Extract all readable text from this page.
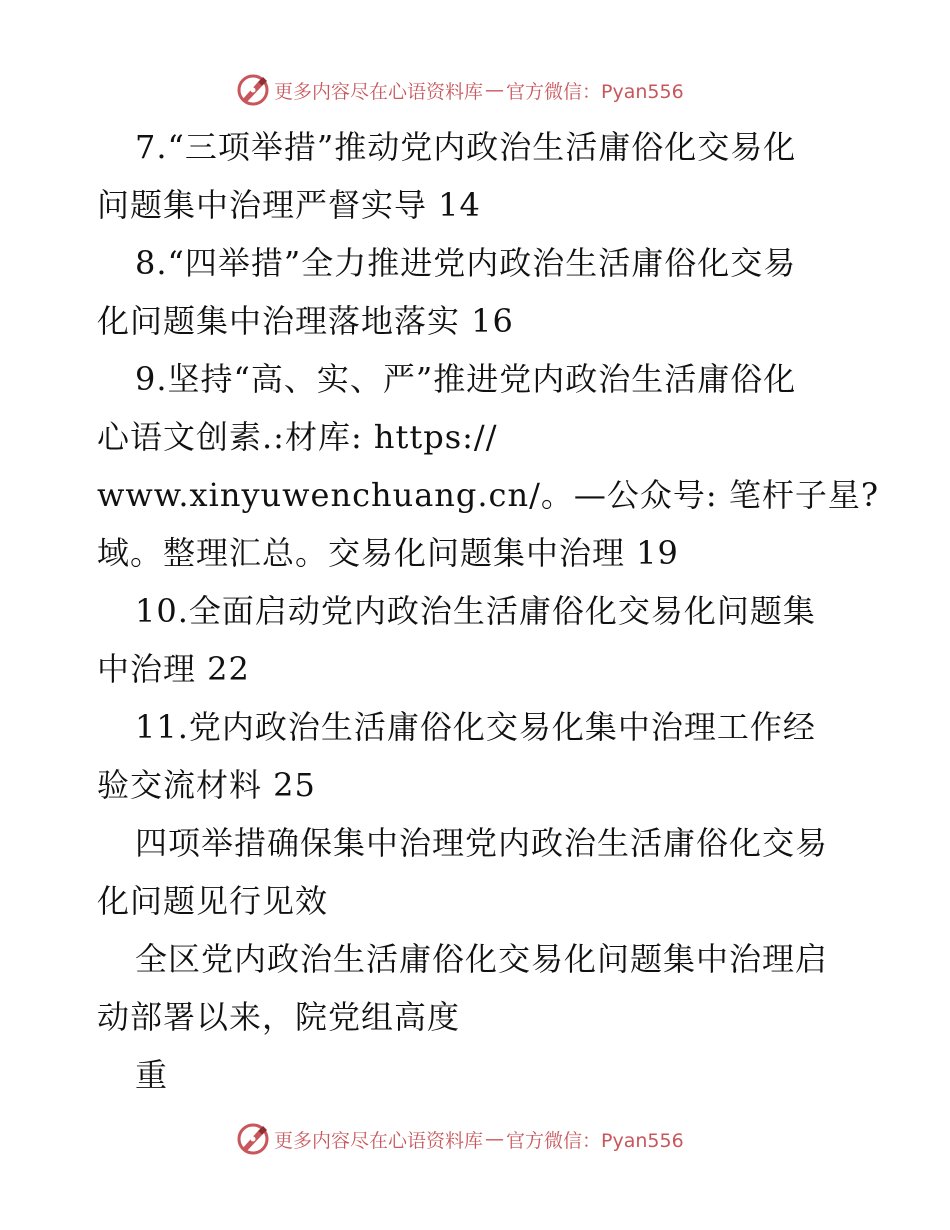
更多内容尽在心语资料库 — 官方微信：Pyan556
7.“三项举措”推动党内政治生活庸俗化交易化
问题集中治理严督实导 14
8.“四举措”全力推进党内政治生活庸俗化交易
化问题集中治理落地落实 16
9.坚持“高、实、严”推进党内政治生活庸俗化
心语文创素.:材库: https://
www.xinyuwenchuang.cn/。—公众号: 笔杆子星?
域。整理汇总。交易化问题集中治理 19
10.全面启动党内政治生活庸俗化交易化问题集
中治理 22
11.党内政治生活庸俗化交易化集中治理工作经
验交流材料 25
四项举措确保集中治理党内政治生活庸俗化交易
化问题见行见效
全区党内政治生活庸俗化交易化问题集中治理启
动部署以来，院党组高度
重
更多内容尽在心语资料库 — 官方微信：Pyan556
